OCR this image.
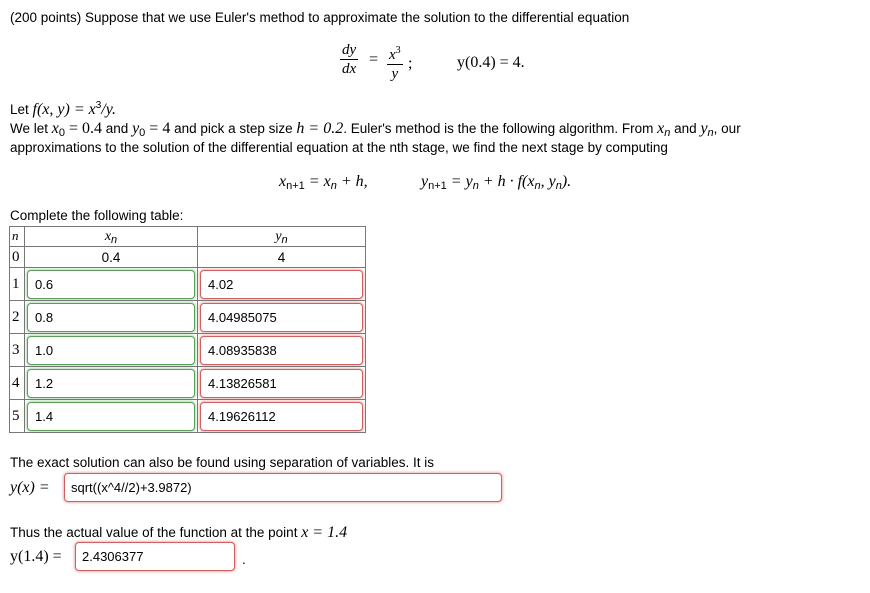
(200 points) Suppose that we use Euler's method to approximate the solution to the differential equation
$\frac{dy}{dx} = \frac{x^3}{y}$ ;	y(0.4) = 4.
Let f(x, $y) = x^3/y$.
We let $x_0 = 0.4$ and $y_0 = 4$ and pick a step size h = 0.2. Euler's method is the the following algorithm. From $x_n$ and $y_n$, our
approximations to the solution of the differential equation at the nth stage, we find the next stage by computing
$x_{n+1} = x_n + h$,	$y_{n+1} = y_n + h \cdot f(x_n$, $y_n$).
Complete the following table:
n	$x_n$	$y_n$
0	0.4	4
1	0.6	4.02

2	0.8	4.04985075

3	1.0	4.08935838

4	1.2	4.13826581

5	1.4	4.19626112
The exact solution can also be found using separation of variables. It is
y(x) =	sqrt((x^4//2)+3.9872)
Thus the actual value of the function at the point x = 1.4
y(1.4) =	2.4306377	.
